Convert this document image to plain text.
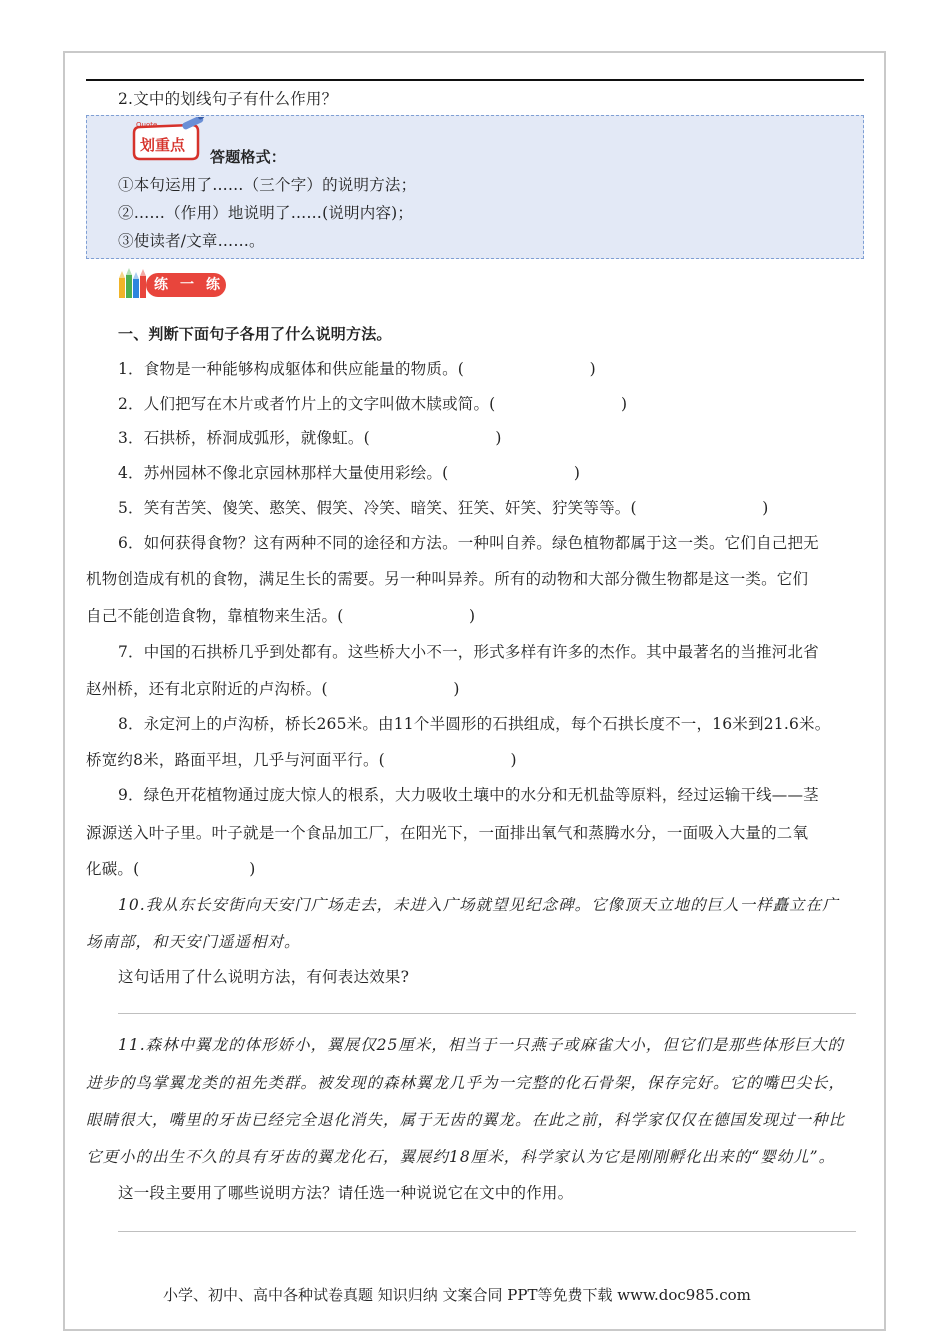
2.文中的划线句子有什么作用？
Quote
划重点
答题格式：
①本句运用了……（三个字）的说明方法；
②……（作用）地说明了……(说明内容)；
③使读者/文章……。
练 一 练
一、判断下面句子各用了什么说明方法。
1．食物是一种能够构成躯体和供应能量的物质。(　　　　　　　　)
2．人们把写在木片或者竹片上的文字叫做木牍或简。(　　　　　　　　)
3．石拱桥，桥洞成弧形，就像虹。(　　　　　　　　)
4．苏州园林不像北京园林那样大量使用彩绘。(　　　　　　　　)
5．笑有苦笑、傻笑、憨笑、假笑、冷笑、暗笑、狂笑、奸笑、狞笑等等。(　　　　　　　　)
6．如何获得食物？这有两种不同的途径和方法。一种叫自养。绿色植物都属于这一类。它们自己把无
机物创造成有机的食物，满足生长的需要。另一种叫异养。所有的动物和大部分微生物都是这一类。它们
自己不能创造食物，靠植物来生活。(　　　　　　　　)
7．中国的石拱桥几乎到处都有。这些桥大小不一，形式多样有许多的杰作。其中最著名的当推河北省
赵州桥，还有北京附近的卢沟桥。(　　　　　　　　)
8．永定河上的卢沟桥，桥长265米。由11个半圆形的石拱组成，每个石拱长度不一，16米到21.6米。
桥宽约8米，路面平坦，几乎与河面平行。(　　　　　　　　)
9．绿色开花植物通过庞大惊人的根系，大力吸收土壤中的水分和无机盐等原料，经过运输干线——茎
源源送入叶子里。叶子就是一个食品加工厂，在阳光下，一面排出氧气和蒸腾水分，一面吸入大量的二氧
化碳。(　　　　　　　)
10.我从东长安街向天安门广场走去，未进入广场就望见纪念碑。它像顶天立地的巨人一样矗立在广
场南部，和天安门遥遥相对。
这句话用了什么说明方法，有何表达效果?
11.森林中翼龙的体形娇小，翼展仅25厘米，相当于一只燕子或麻雀大小，但它们是那些体形巨大的
进步的鸟掌翼龙类的祖先类群。被发现的森林翼龙几乎为一完整的化石骨架，保存完好。它的嘴巴尖长，
眼睛很大，嘴里的牙齿已经完全退化消失，属于无齿的翼龙。在此之前，科学家仅仅在德国发现过一种比
它更小的出生不久的具有牙齿的翼龙化石，翼展约18厘米，科学家认为它是刚刚孵化出来的“婴幼儿”。
这一段主要用了哪些说明方法？请任选一种说说它在文中的作用。
小学、初中、高中各种试卷真题 知识归纳 文案合同 PPT等免费下载 www.doc985.com
